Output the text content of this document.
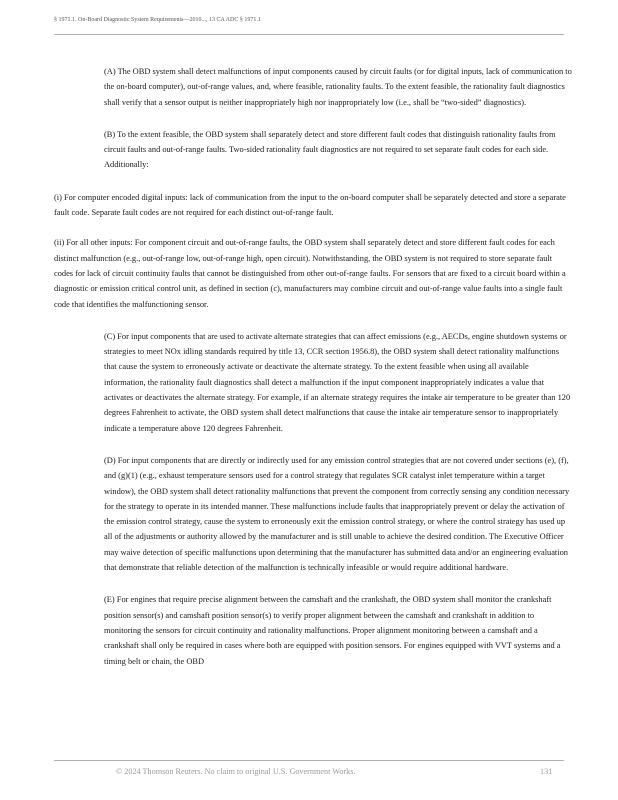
§ 1971.1. On-Board Diagnostic System Requirements—2010..., 13 CA ADC § 1971.1

(A) The OBD system shall detect malfunctions of input components caused by circuit faults (or for digital inputs, lack of communication to the on-board computer), out-of-range values, and, where feasible, rationality faults. To the extent feasible, the rationality fault diagnostics shall verify that a sensor output is neither inappropriately high nor inappropriately low (i.e., shall be “two-sided” diagnostics).

(B) To the extent feasible, the OBD system shall separately detect and store different fault codes that distinguish rationality faults from circuit faults and out-of-range faults. Two-sided rationality fault diagnostics are not required to set separate fault codes for each side. Additionally:

(i) For computer encoded digital inputs: lack of communication from the input to the on-board computer shall be separately detected and store a separate fault code. Separate fault codes are not required for each distinct out-of-range fault.

(ii) For all other inputs: For component circuit and out-of-range faults, the OBD system shall separately detect and store different fault codes for each distinct malfunction (e.g., out-of-range low, out-of-range high, open circuit). Notwithstanding, the OBD system is not required to store separate fault codes for lack of circuit continuity faults that cannot be distinguished from other out-of-range faults. For sensors that are fixed to a circuit board within a diagnostic or emission critical control unit, as defined in section (c), manufacturers may combine circuit and out-of-range value faults into a single fault code that identifies the malfunctioning sensor.

(C) For input components that are used to activate alternate strategies that can affect emissions (e.g., AECDs, engine shutdown systems or strategies to meet NOx idling standards required by title 13, CCR section 1956.8), the OBD system shall detect rationality malfunctions that cause the system to erroneously activate or deactivate the alternate strategy. To the extent feasible when using all available information, the rationality fault diagnostics shall detect a malfunction if the input component inappropriately indicates a value that activates or deactivates the alternate strategy. For example, if an alternate strategy requires the intake air temperature to be greater than 120 degrees Fahrenheit to activate, the OBD system shall detect malfunctions that cause the intake air temperature sensor to inappropriately indicate a temperature above 120 degrees Fahrenheit.

(D) For input components that are directly or indirectly used for any emission control strategies that are not covered under sections (e), (f), and (g)(1) (e.g., exhaust temperature sensors used for a control strategy that regulates SCR catalyst inlet temperature within a target window), the OBD system shall detect rationality malfunctions that prevent the component from correctly sensing any condition necessary for the strategy to operate in its intended manner. These malfunctions include faults that inappropriately prevent or delay the activation of the emission control strategy, cause the system to erroneously exit the emission control strategy, or where the control strategy has used up all of the adjustments or authority allowed by the manufacturer and is still unable to achieve the desired condition. The Executive Officer may waive detection of specific malfunctions upon determining that the manufacturer has submitted data and/or an engineering evaluation that demonstrate that reliable detection of the malfunction is technically infeasible or would require additional hardware.

(E) For engines that require precise alignment between the camshaft and the crankshaft, the OBD system shall monitor the crankshaft position sensor(s) and camshaft position sensor(s) to verify proper alignment between the camshaft and crankshaft in addition to monitoring the sensors for circuit continuity and rationality malfunctions. Proper alignment monitoring between a camshaft and a crankshaft shall only be required in cases where both are equipped with position sensors. For engines equipped with VVT systems and a timing belt or chain, the OBD

© 2024 Thomson Reuters. No claim to original U.S. Government Works.	131
